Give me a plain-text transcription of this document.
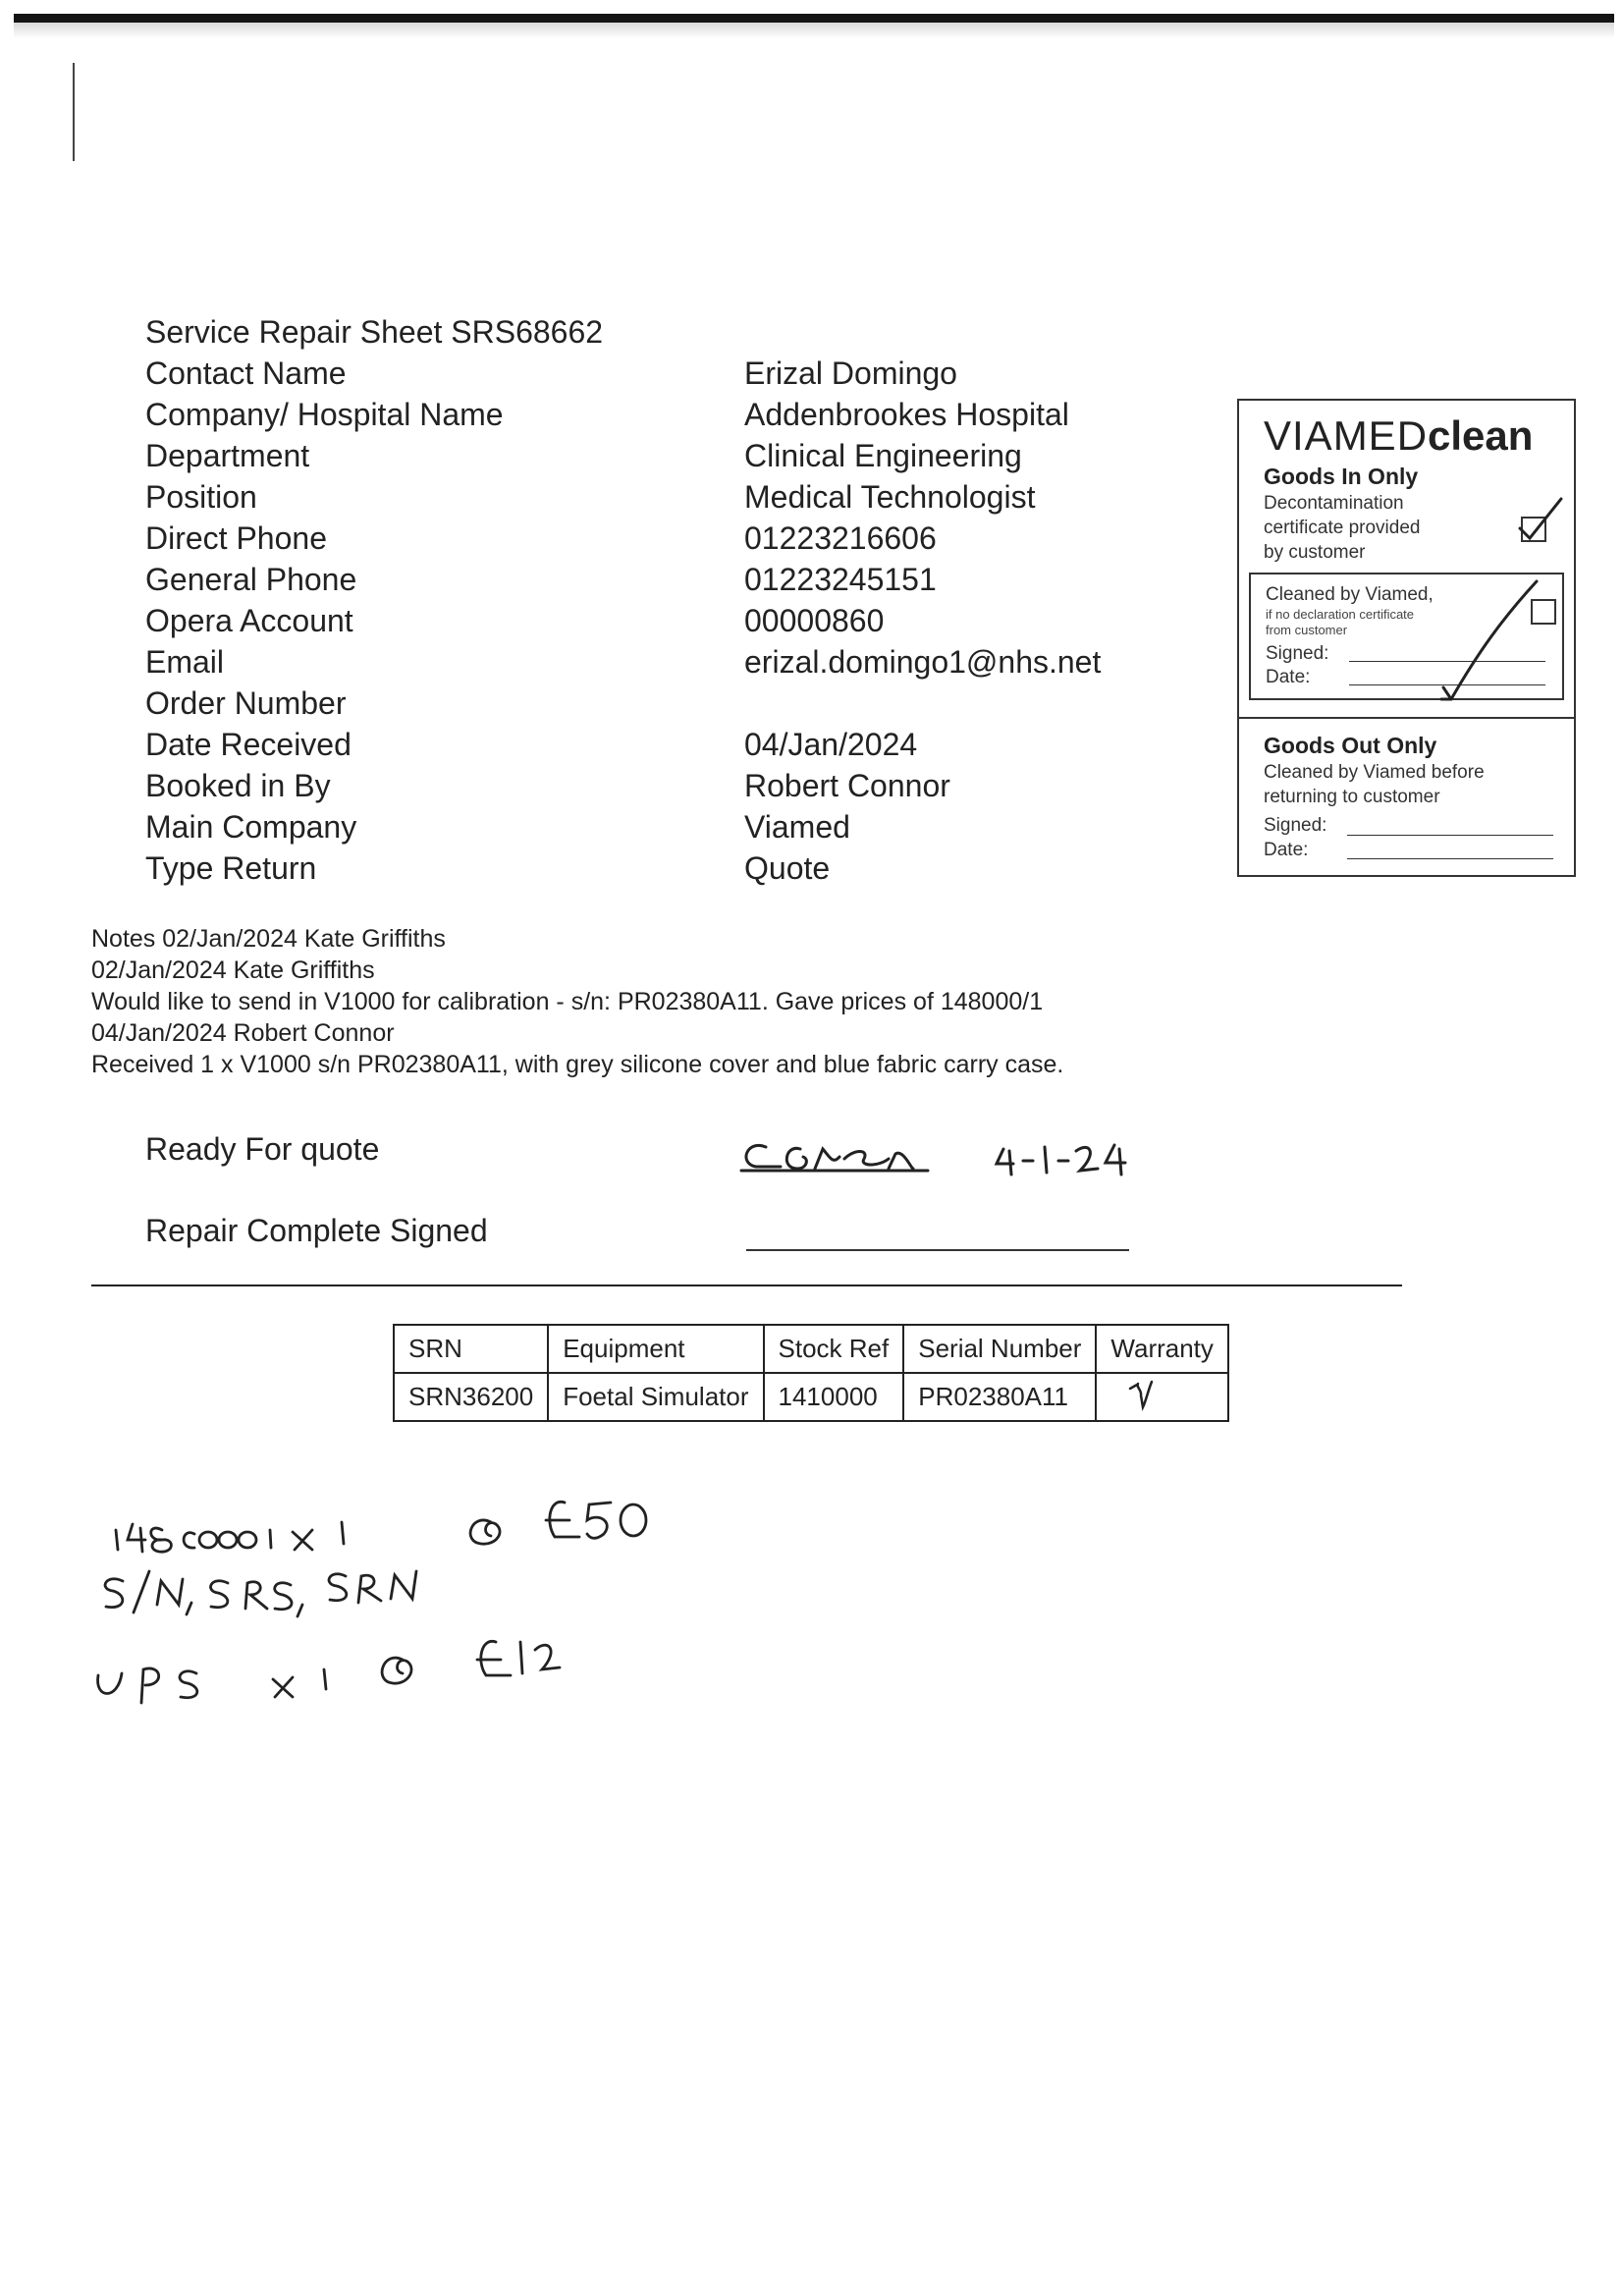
Service Repair Sheet SRS68662
Contact Name	Erizal Domingo
Company/ Hospital Name	Addenbrookes Hospital
Department	Clinical Engineering
Position	Medical Technologist
Direct Phone	01223216606
General Phone	01223245151
Opera Account	00000860
Email	erizal.domingo1@nhs.net
Order Number
Date Received	04/Jan/2024
Booked in By	Robert Connor
Main Company	Viamed
Type Return	Quote
VIAMEDclean
Goods In Only
Decontamination
certificate provided
by customer
Cleaned by Viamed,
if no declaration certificate
from customer
Signed:
Date:
Goods Out Only
Cleaned by Viamed before
returning to customer
Signed:
Date:
Notes 02/Jan/2024 Kate Griffiths
02/Jan/2024 Kate Griffiths
Would like to send in V1000 for calibration - s/n: PR02380A11. Gave prices of 148000/1
04/Jan/2024 Robert Connor
Received 1 x V1000 s/n PR02380A11, with grey silicone cover and blue fabric carry case.
Ready For quote
Repair Complete Signed
SRN	Equipment	Stock Ref	Serial Number	Warranty
SRN36200	Foetal Simulator	1410000	PR02380A11	
